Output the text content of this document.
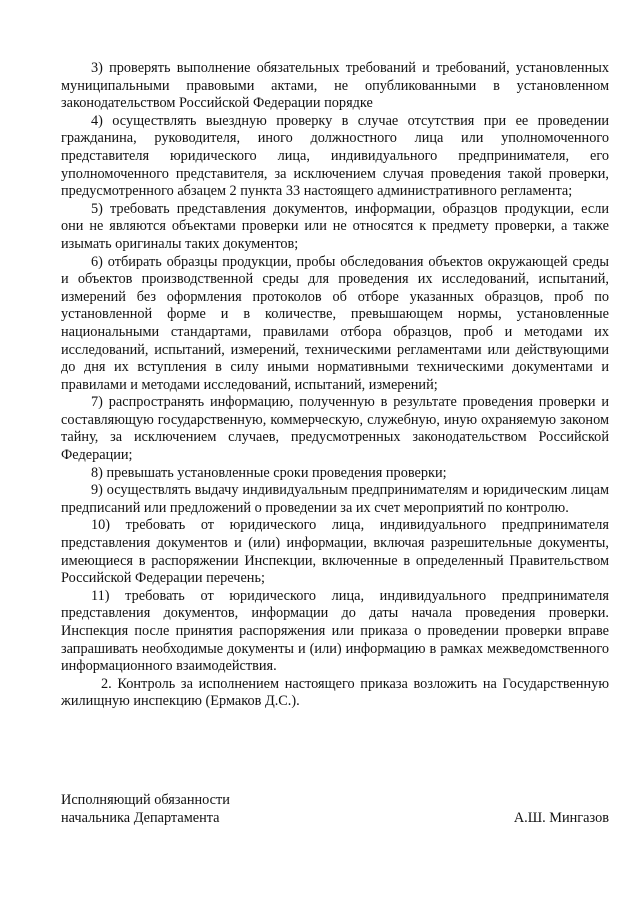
3) проверять выполнение обязательных требований и требований, установленных муниципальными правовыми актами, не опубликованными в установленном законодательством Российской Федерации порядке

4) осуществлять выездную проверку в случае отсутствия при ее проведении гражданина, руководителя, иного должностного лица или уполномоченного представителя юридического лица, индивидуального предпринимателя, его уполномоченного представителя, за исключением случая проведения такой проверки, предусмотренного абзацем 2 пункта 33 настоящего административного регламента;

5) требовать представления документов, информации, образцов продукции, если они не являются объектами проверки или не относятся к предмету проверки, а также изымать оригиналы таких документов;

6) отбирать образцы продукции, пробы обследования объектов окружающей среды и объектов производственной среды для проведения их исследований, испытаний, измерений без оформления протоколов об отборе указанных образцов, проб по установленной форме и в количестве, превышающем нормы, установленные национальными стандартами, правилами отбора образцов, проб и методами их исследований, испытаний, измерений, техническими регламентами или действующими до дня их вступления в силу иными нормативными техническими документами и правилами и методами исследований, испытаний, измерений;

7) распространять информацию, полученную в результате проведения проверки и составляющую государственную, коммерческую, служебную, иную охраняемую законом тайну, за исключением случаев, предусмотренных законодательством Российской Федерации;

8) превышать установленные сроки проведения проверки;

9) осуществлять выдачу индивидуальным предпринимателям и юридическим лицам предписаний или предложений о проведении за их счет мероприятий по контролю.

10) требовать от юридического лица, индивидуального предпринимателя представления документов и (или) информации, включая разрешительные документы, имеющиеся в распоряжении Инспекции, включенные в определенный Правительством Российской Федерации перечень;

11) требовать от юридического лица, индивидуального предпринимателя представления документов, информации до даты начала проведения проверки. Инспекция после принятия распоряжения или приказа о проведении проверки вправе запрашивать необходимые документы и (или) информацию в рамках межведомственного информационного взаимодействия.

2. Контроль за исполнением настоящего приказа возложить на Государственную жилищную инспекцию (Ермаков Д.С.).

Исполняющий обязанности
начальника Департамента	А.Ш. Мингазов
